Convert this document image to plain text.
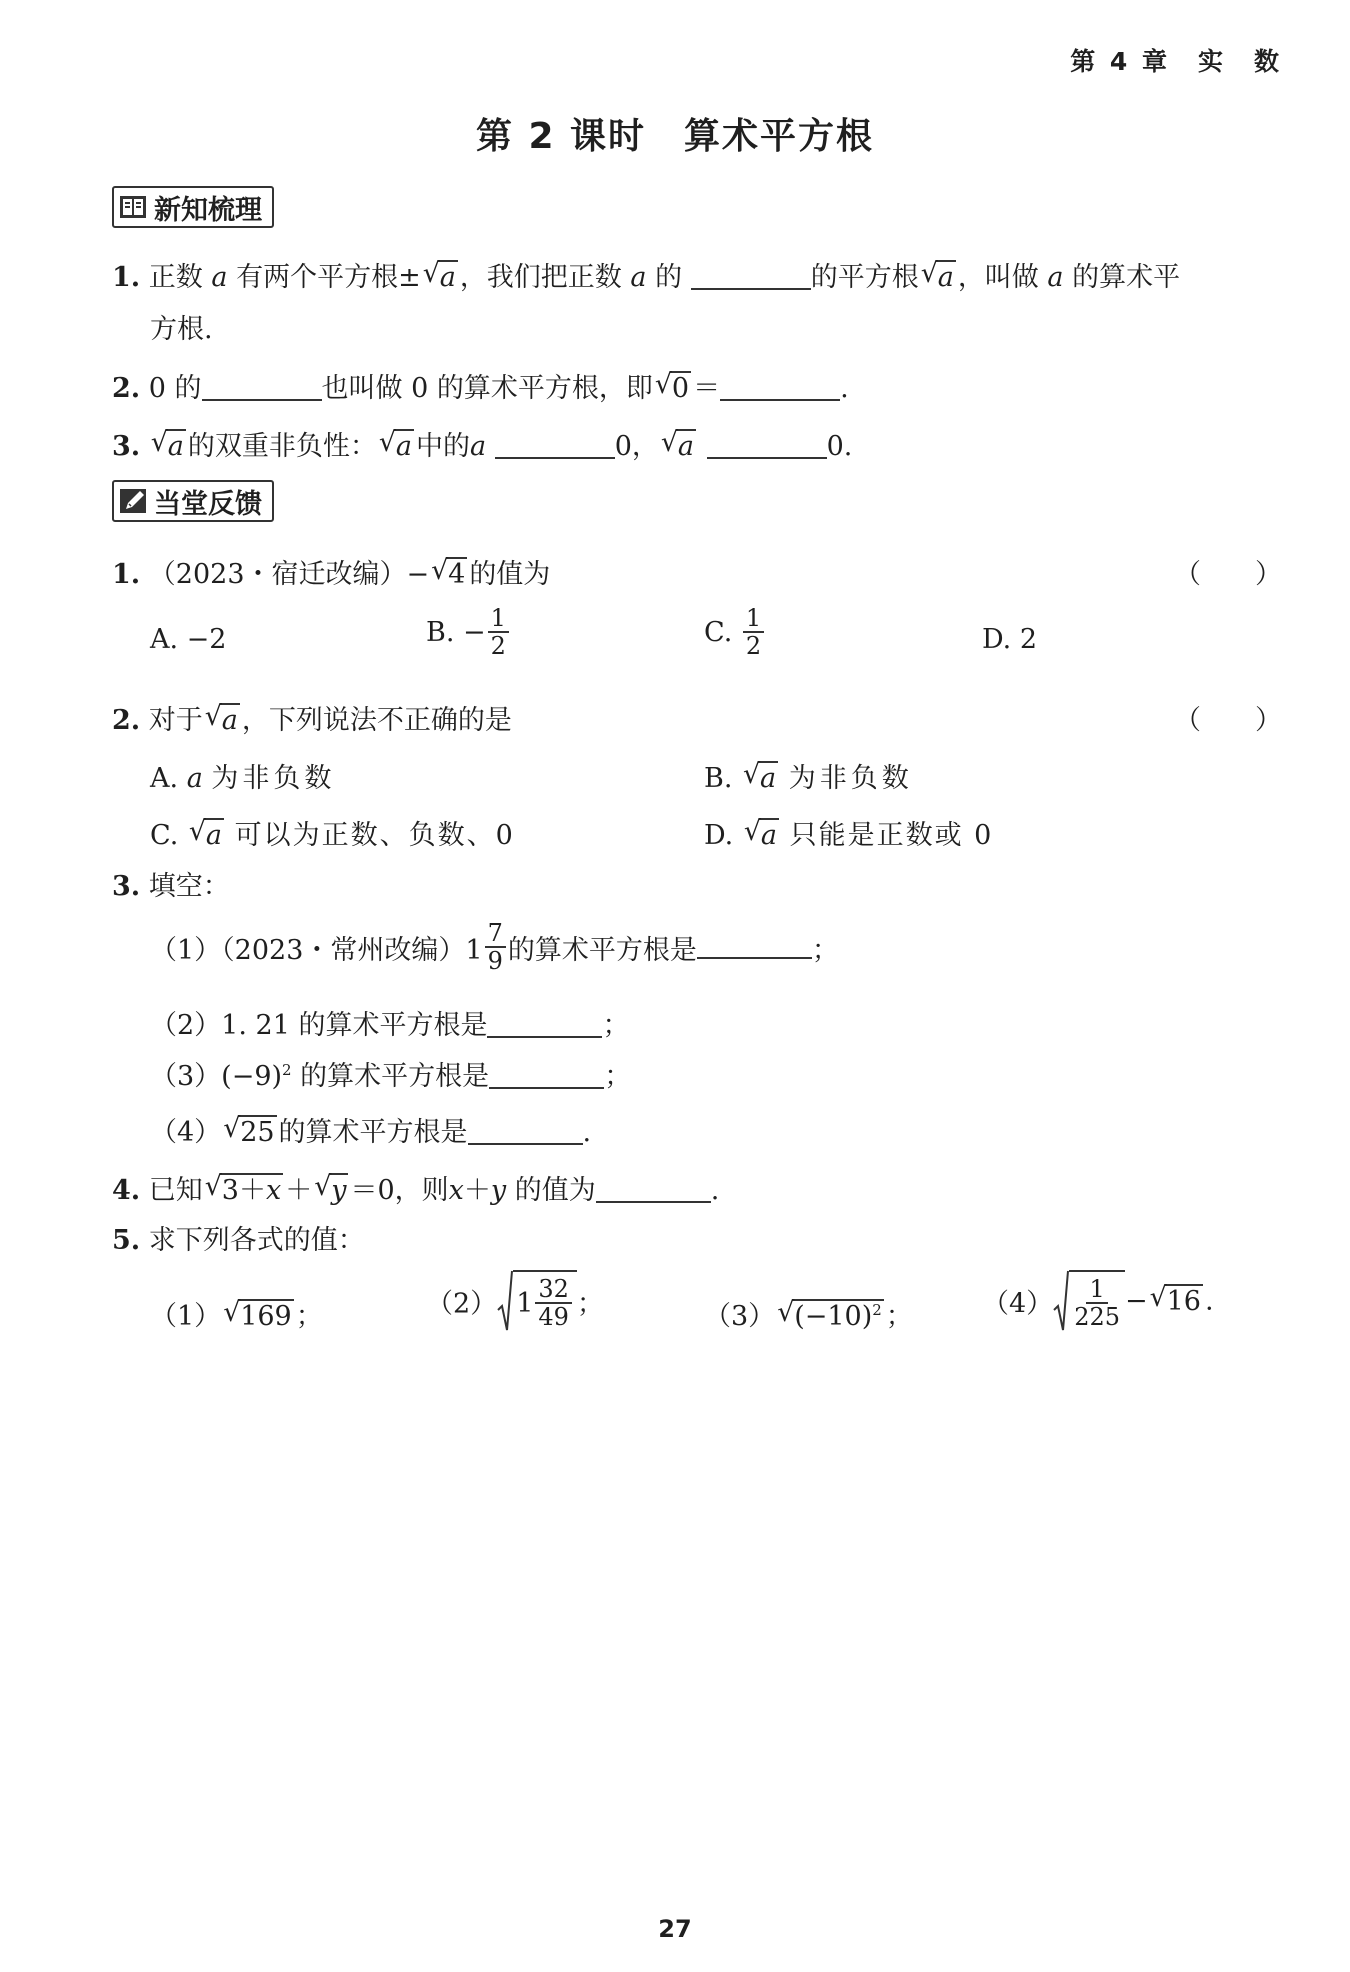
第 4 章　实　数
第 2 课时　算术平方根
新知梳理
1. 正数 a 有两个平方根± √ a ，我们把正数 a 的	的平方根 √ a ，叫做 a 的算术平
方根.
2. 0 的	也叫做 0 的算术平方根，即 √ 0 ＝	.
3. √ a 的双重非负性： √ a 中的a	0， √ a	0.
当堂反馈
1. （2023・宿迁改编）− √ 4 的值为	（　　）
A. −2	B. − $\frac{1}{2}$	C. $\frac{1}{2}$	D. 2
2. 对于 √ a ，下列说法不正确的是	（　　）
A. a 为非负数	B. √ a 为非负数
C. √ a 可以为正数、负数、0	D. √ a 只能是正数或 0
3. 填空：
（1）（2023・常州改编）$1 \frac{7}{9}$ 的算术平方根是	；
（2）1. 21 的算术平方根是	；
$(3)(-9)^2$ 的算术平方根是	；
（4） √ 25 的算术平方根是	.
4. 已知 √ 3＋x ＋ √ y ＝0，则x＋y 的值为	.
5. 求下列各式的值：
（1） √ 169 ；	（2） $1 \frac{32}{49}$ ；	（3） √ $(-10)^2$ ；	$(4) \frac{1}{225}$ − √ 16 .
27
